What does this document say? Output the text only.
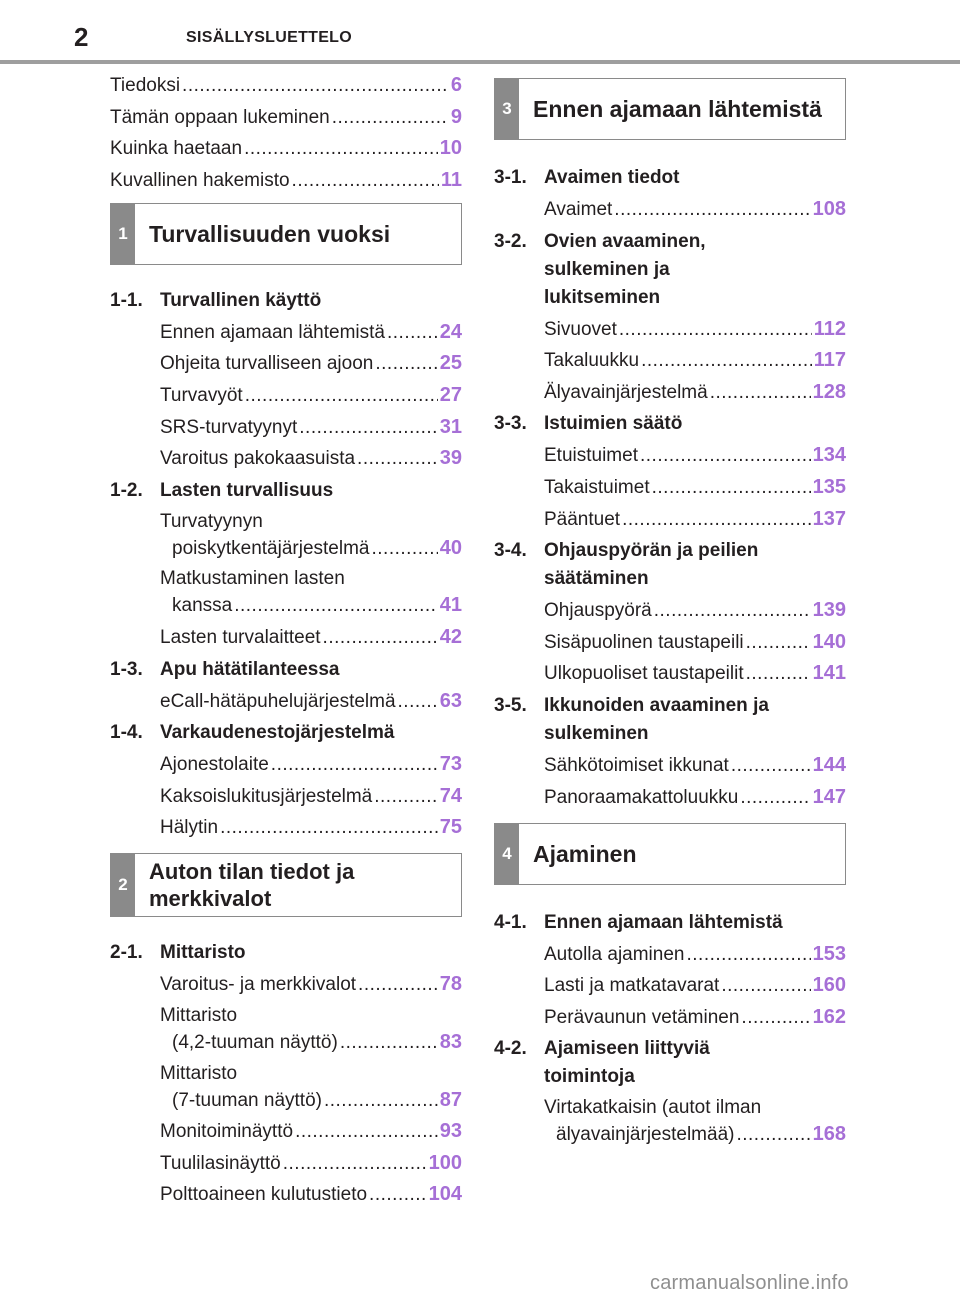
2	SISÄLLYSLUETTELO
Tiedoksi .....	6
Tämän oppaan lukeminen .....	9
Kuinka haetaan .....	10
Kuvallinen hakemisto .....	11
1 Turvallisuuden vuoksi
1-1. Turvallinen käyttö
Ennen ajamaan lähtemistä .....	24
Ohjeita turvalliseen ajoon .....	25
Turvavyöt .....	27
SRS-turvatyynyt .....	31
Varoitus pakokaasuista .....	39
1-2. Lasten turvallisuus
Turvatyynyn
poiskytkentäjärjestelmä .....	40
Matkustaminen lasten
kanssa .....	41
Lasten turvalaitteet .....	42
1-3. Apu hätätilanteessa
eCall-hätäpuhelujärjestelmä ..... 63
1-4. Varkaudenestojärjestelmä
Ajonestolaite .....	73
Kaksoislukitusjärjestelmä .....	74
Hälytin .....	75
2
Auton tilan tiedot ja
merkkivalot
2-1. Mittaristo
Varoitus- ja merkkivalot .....	78
Mittaristo
(4,2-tuuman näyttö) .....	83
Mittaristo
(7-tuuman näyttö) .....	87
Monitoiminäyttö .....	93
Tuulilasinäyttö .....	100
Polttoaineen kulutustieto .....	104
3 Ennen ajamaan lähtemistä
3-1. Avaimen tiedot
Avaimet .....	108
3-2. Ovien avaaminen,
sulkeminen ja
lukitseminen
Sivuovet .....	112
Takaluukku .....	117
Älyavainjärjestelmä .....	128
3-3. Istuimien säätö
Etuistuimet .....	134
Takaistuimet .....	135
Pääntuet .....	137
3-4. Ohjauspyörän ja peilien
säätäminen
Ohjauspyörä .....	139
Sisäpuolinen taustapeili .....	140
Ulkopuoliset taustapeilit .....	141
3-5. Ikkunoiden avaaminen ja
sulkeminen
Sähkötoimiset ikkunat .....	144
Panoraamakattoluukku .....	147
4 Ajaminen
4-1. Ennen ajamaan lähtemistä
Autolla ajaminen .....	153
Lasti ja matkatavarat .....	160
Perävaunun vetäminen .....	162
4-2. Ajamiseen liittyviä
toimintoja
Virtakatkaisin (autot ilman
älyavainjärjestelmää) .....	168
carmanualsonline.info
